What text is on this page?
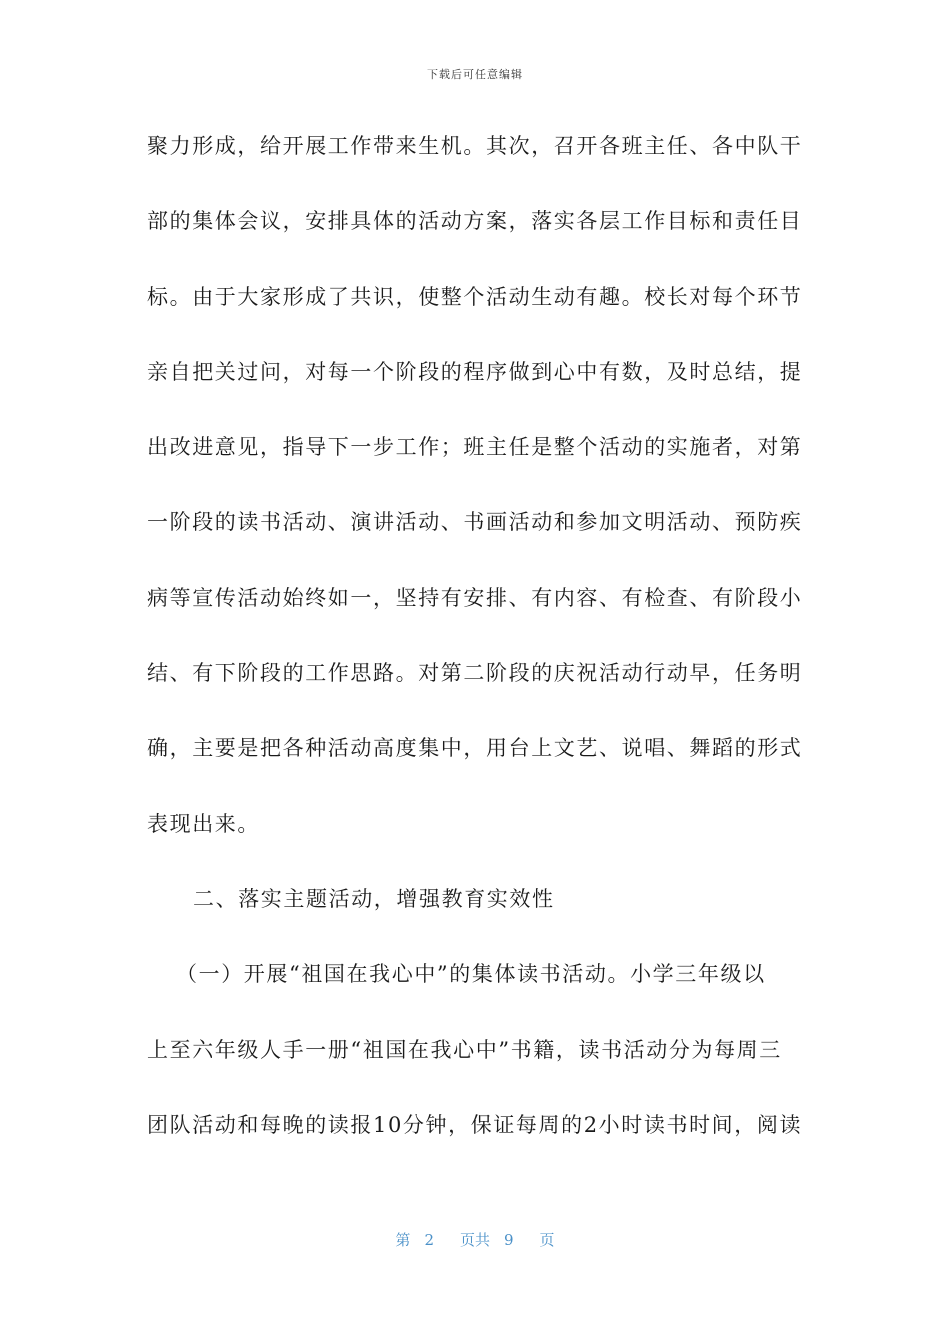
下载后可任意编辑
聚力形成，给开展工作带来生机。其次，召开各班主任、各中队干
部的集体会议，安排具体的活动方案，落实各层工作目标和责任目
标。由于大家形成了共识，使整个活动生动有趣。校长对每个环节
亲自把关过问，对每一个阶段的程序做到心中有数，及时总结，提
出改进意见，指导下一步工作；班主任是整个活动的实施者，对第
一阶段的读书活动、演讲活动、书画活动和参加文明活动、预防疾
病等宣传活动始终如一，坚持有安排、有内容、有检查、有阶段小
结、有下阶段的工作思路。对第二阶段的庆祝活动行动早，任务明
确，主要是把各种活动高度集中，用台上文艺、说唱、舞蹈的形式
表现出来。
二、落实主题活动，增强教育实效性
（一）开展“祖国在我心中”的集体读书活动。小学三年级以
上至六年级人手一册“祖国在我心中”书籍，读书活动分为每周三
团队活动和每晚的读报10分钟，保证每周的2小时读书时间，阅读
第 2 页共 9 页
